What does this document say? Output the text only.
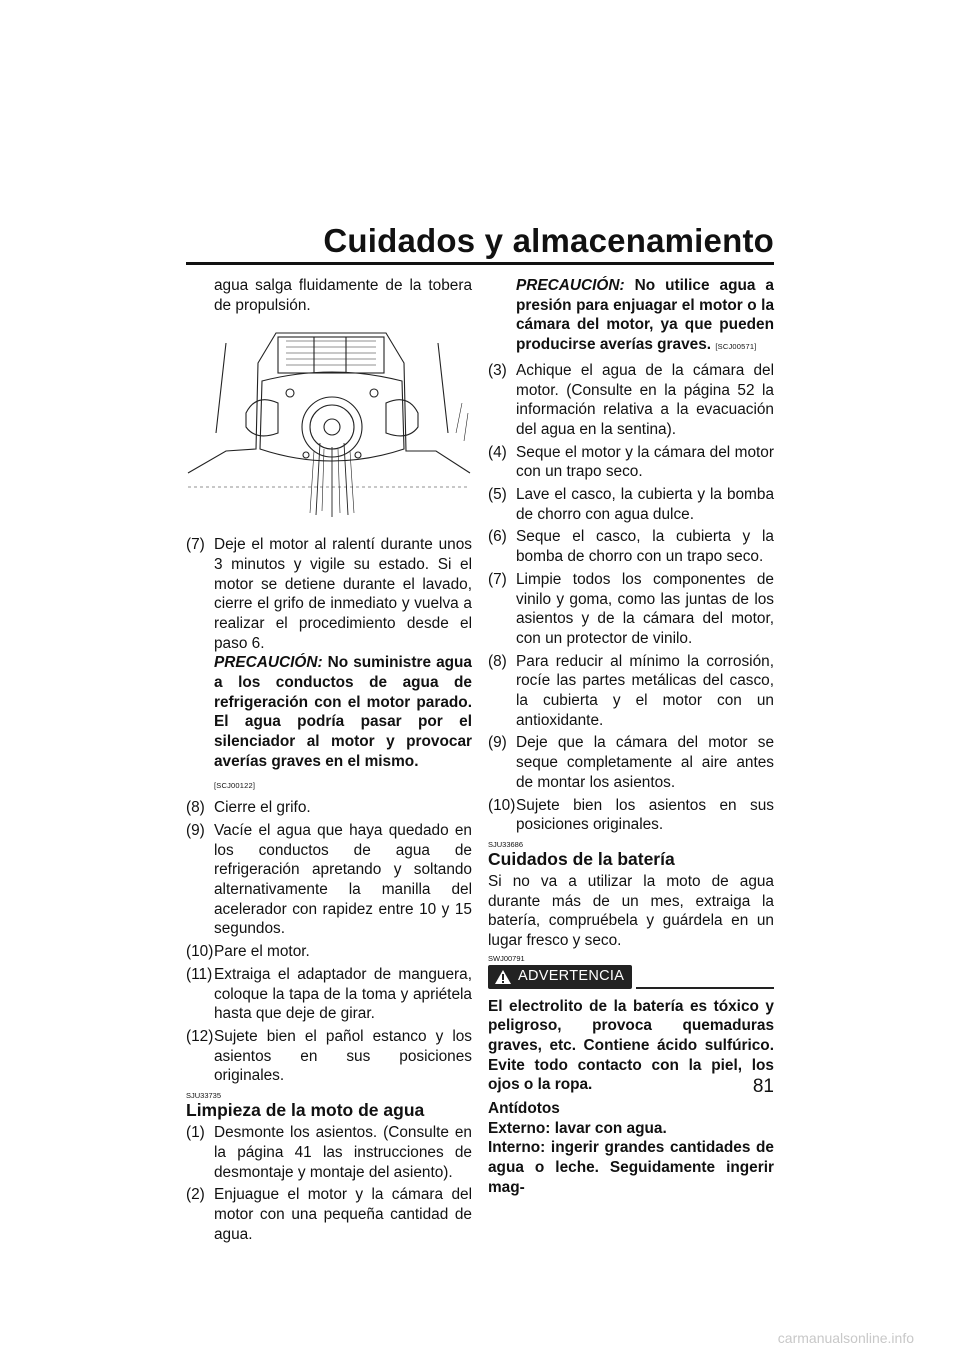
Cuidados y almacenamiento

agua salga fluidamente de la tobera de propulsión.

(7) Deje el motor al ralentí durante unos 3 minutos y vigile su estado. Si el motor se detiene durante el lavado, cierre el grifo de inmediato y vuelva a realizar el procedimiento desde el paso 6.
PRECAUCIÓN: No suministre agua a los conductos de agua de refrigeración con el motor parado. El agua podría pasar por el silenciador al motor y provocar averías graves en el mismo.
[SCJ00122]
(8) Cierre el grifo.
(9) Vacíe el agua que haya quedado en los conductos de agua de refrigeración apretando y soltando alternativamente la manilla del acelerador con rapidez entre 10 y 15 segundos.
(10) Pare el motor.
(11) Extraiga el adaptador de manguera, coloque la tapa de la toma y apriétela hasta que deje de girar.
(12) Sujete bien el pañol estanco y los asientos en sus posiciones originales.
SJU33735
Limpieza de la moto de agua
(1) Desmonte los asientos. (Consulte en la página 41 las instrucciones de desmontaje y montaje del asiento).
(2) Enjuague el motor y la cámara del motor con una pequeña cantidad de agua.
PRECAUCIÓN: No utilice agua a presión para enjuagar el motor o la cámara del motor, ya que pueden producirse averías graves. [SCJ00571]
(3) Achique el agua de la cámara del motor. (Consulte en la página 52 la información relativa a la evacuación del agua en la sentina).
(4) Seque el motor y la cámara del motor con un trapo seco.
(5) Lave el casco, la cubierta y la bomba de chorro con agua dulce.
(6) Seque el casco, la cubierta y la bomba de chorro con un trapo seco.
(7) Limpie todos los componentes de vinilo y goma, como las juntas de los asientos y de la cámara del motor, con un protector de vinilo.
(8) Para reducir al mínimo la corrosión, rocíe las partes metálicas del casco, la cubierta y el motor con un antioxidante.
(9) Deje que la cámara del motor se seque completamente al aire antes de montar los asientos.
(10) Sujete bien los asientos en sus posiciones originales.
SJU33686
Cuidados de la batería

Si no va a utilizar la moto de agua durante más de un mes, extraiga la batería, compruébela y guárdela en un lugar fresco y seco.

SWJ00791
ADVERTENCIA

El electrolito de la batería es tóxico y peligroso, provoca quemaduras graves, etc. Contiene ácido sulfúrico. Evite todo contacto con la piel, los ojos o la ropa.

Antídotos

Externo: lavar con agua.

Interno: ingerir grandes cantidades de agua o leche. Seguidamente ingerir mag-

81
carmanualsonline.info
